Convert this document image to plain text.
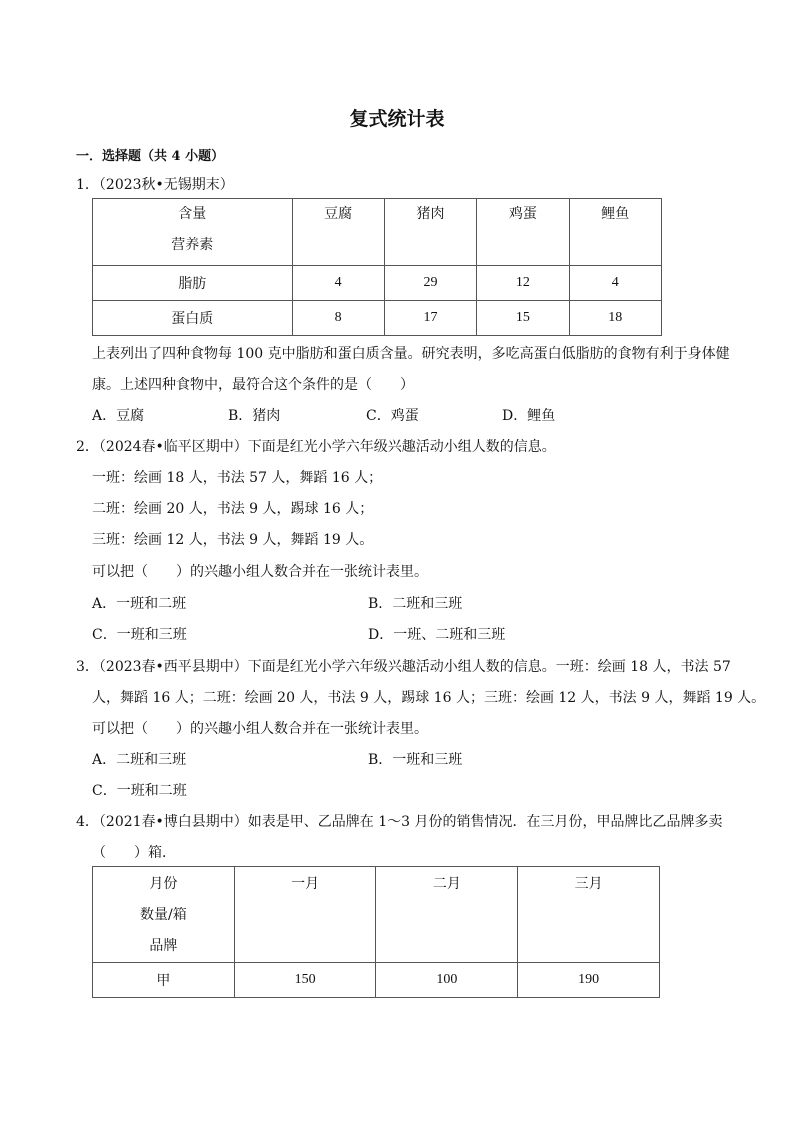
复式统计表
一．选择题（共 4 小题）
1．（2023秋•无锡期末）
含量
营养素	豆腐	猪肉	鸡蛋	鲤鱼

脂肪	4	29	12	4
蛋白质	8	17	15	18
上表列出了四种食物每 100 克中脂肪和蛋白质含量。研究表明，多吃高蛋白低脂肪的食物有利于身体健
康。上述四种食物中，最符合这个条件的是（　　）
A．豆腐	B．猪肉	C．鸡蛋	D．鲤鱼
2．（2024春•临平区期中）下面是红光小学六年级兴趣活动小组人数的信息。
一班：绘画 18 人，书法 57 人，舞蹈 16 人；
二班：绘画 20 人，书法 9 人，踢球 16 人；
三班：绘画 12 人，书法 9 人，舞蹈 19 人。
可以把（　　）的兴趣小组人数合并在一张统计表里。
A．一班和二班	B．二班和三班
C．一班和三班	D．一班、二班和三班
3．（2023春•西平县期中）下面是红光小学六年级兴趣活动小组人数的信息。一班：绘画 18 人，书法 57
人，舞蹈 16 人；二班：绘画 20 人，书法 9 人，踢球 16 人；三班：绘画 12 人，书法 9 人，舞蹈 19 人。
可以把（　　）的兴趣小组人数合并在一张统计表里。
A．二班和三班	B．一班和三班
C．一班和二班
4．（2021春•博白县期中）如表是甲、乙品牌在 1～3 月份的销售情况．在三月份，甲品牌比乙品牌多卖
（　　）箱．
月份
数量/箱
品牌	一月	二月	三月

甲	150	100	190
